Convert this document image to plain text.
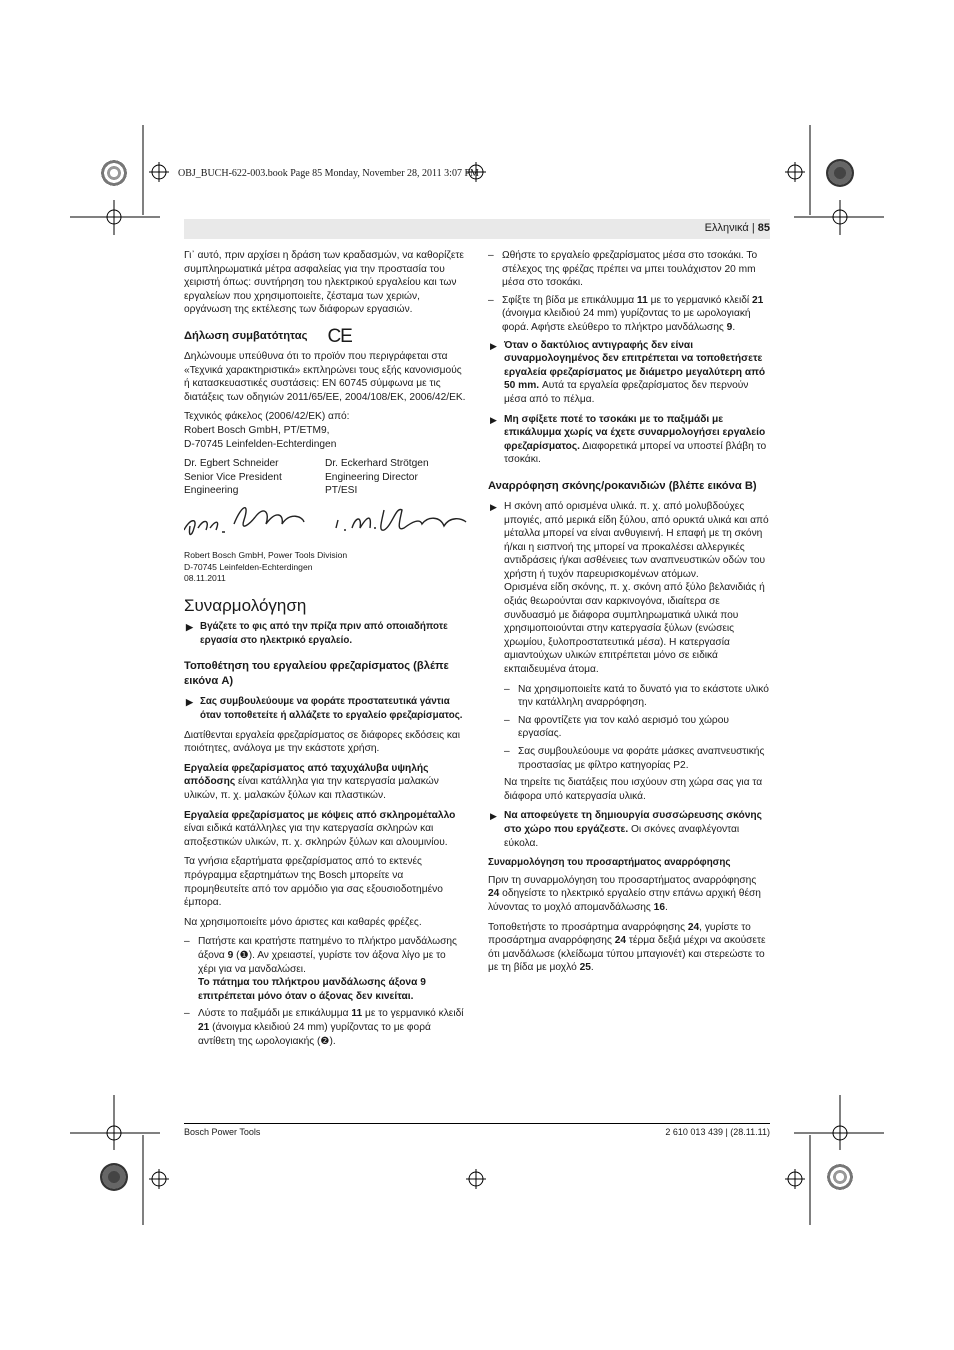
OBJ_BUCH-622-003.book Page 85 Monday, November 28, 2011 3:07 PM
Ελληνικά | 85

Γι᾽ αυτό, πριν αρχίσει η δράση των κραδασμών, να καθορίζετε συμπληρωματικά μέτρα ασφαλείας για την προστασία του χειριστή όπως: συντήρηση του ηλεκτρικού εργαλείου και των εργαλείων που χρησιμοποιείτε, ζέσταμα των χεριών, οργάνωση της εκτέλεσης των διάφορων εργασιών.

Δήλωση συμβατότητας CE

Δηλώνουμε υπεύθυνα ότι το προϊόν που περιγράφεται στα «Τεχνικά χαρακτηριστικά» εκπληρώνει τους εξής κανονισμούς ή κατασκευαστικές συστάσεις: EN 60745 σύμφωνα με τις διατάξεις των οδηγιών 2011/65/EE, 2004/108/ΕΚ, 2006/42/ΕΚ.

Τεχνικός φάκελος (2006/42/ΕΚ) από:
Robert Bosch GmbH, PT/ETM9,
D-70745 Leinfelden-Echterdingen

Dr. Egbert Schneider
Senior Vice President
Engineering
Dr. Eckerhard Strötgen
Engineering Director
PT/ESI

Robert Bosch GmbH, Power Tools Division
D-70745 Leinfelden-Echterdingen
08.11.2011

Συναρμολόγηση
▶ Βγάζετε το φις από την πρίζα πριν από οποιαδήποτε εργασία στο ηλεκτρικό εργαλείο.
Τοποθέτηση του εργαλείου φρεζαρίσματος (βλέπε εικόνα A)
▶ Σας συμβουλεύουμε να φοράτε προστατευτικά γάντια όταν τοποθετείτε ή αλλάζετε το εργαλείο φρεζαρίσματος.

Διατίθενται εργαλεία φρεζαρίσματος σε διάφορες εκδόσεις και ποιότητες, ανάλογα με την εκάστοτε χρήση.

Εργαλεία φρεζαρίσματος από ταχυχάλυβα υψηλής απόδοσης είναι κατάλληλα για την κατεργασία μαλακών υλικών, π. χ. μαλακών ξύλων και πλαστικών.

Εργαλεία φρεζαρίσματος με κόψεις από σκληρομέταλλο είναι ειδικά κατάλληλες για την κατεργασία σκληρών και αποξεστικών υλικών, π. χ. σκληρών ξύλων και αλουμινίου.

Τα γνήσια εξαρτήματα φρεζαρίσματος από το εκτενές πρόγραμμα εξαρτημάτων της Bosch μπορείτε να προμηθευτείτε από τον αρμόδιο για σας εξουσιοδοτημένο έμπορα.

Να χρησιμοποιείτε μόνο άριστες και καθαρές φρέζες.

– Πατήστε και κρατήστε πατημένο το πλήκτρο μανδάλωσης άξονα 9 (❶). Αν χρειαστεί, γυρίστε τον άξονα λίγο με το χέρι για να μανδαλώσει.
Το πάτημα του πλήκτρου μανδάλωσης άξονα 9 επιτρέπεται μόνο όταν ο άξονας δεν κινείται.
– Λύστε το παξιμάδι με επικάλυμμα 11 με το γερμανικό κλειδί 21 (άνοιγμα κλειδιού 24 mm) γυρίζοντας το με φορά αντίθετη της ωρολογιακής (❷).
– Ωθήστε το εργαλείο φρεζαρίσματος μέσα στο τσοκάκι. Το στέλεχος της φρέζας πρέπει να μπει τουλάχιστον 20 mm μέσα στο τσοκάκι.
– Σφίξτε τη βίδα με επικάλυμμα 11 με το γερμανικό κλειδί 21 (άνοιγμα κλειδιού 24 mm) γυρίζοντας το με ωρολογιακή φορά. Αφήστε ελεύθερο το πλήκτρο μανδάλωσης 9.
▶ Όταν ο δακτύλιος αντιγραφής δεν είναι συναρμολογημένος δεν επιτρέπεται να τοποθετήσετε εργαλεία φρεζαρίσματος με διάμετρο μεγαλύτερη από 50 mm. Αυτά τα εργαλεία φρεζαρίσματος δεν περνούν μέσα από το πέλμα.
▶ Μη σφίξετε ποτέ το τσοκάκι με το παξιμάδι με επικάλυμμα χωρίς να έχετε συναρμολογήσει εργαλείο φρεζαρίσματος. Διαφορετικά μπορεί να υποστεί βλάβη το τσοκάκι.
Αναρρόφηση σκόνης/ροκανιδιών (βλέπε εικόνα B)
▶ Η σκόνη από ορισμένα υλικά. π. χ. από μολυβδούχες μπογιές, από μερικά είδη ξύλου, από ορυκτά υλικά και από μέταλλα μπορεί να είναι ανθυγιεινή. Η επαφή με τη σκόνη ή/και η εισπνοή της μπορεί να προκαλέσει αλλεργικές αντιδράσεις ή/και ασθένειες των αναπνευστικών οδών του χρήστη ή τυχόν παρευρισκομένων ατόμων.
Ορισμένα είδη σκόνης, π. χ. σκόνη από ξύλο βελανιδιάς ή οξιάς θεωρούνται σαν καρκινογόνα, ιδιαίτερα σε συνδυασμό με διάφορα συμπληρωματικά υλικά που χρησιμοποιούνται στην κατεργασία ξύλων (ενώσεις χρωμίου, ξυλοπροστατευτικά μέσα). Η κατεργασία αμιαντούχων υλικών επιτρέπεται μόνο σε ειδικά εκπαιδευμένα άτομα.
– Να χρησιμοποιείτε κατά το δυνατό για το εκάστοτε υλικό την κατάλληλη αναρρόφηση.
– Να φροντίζετε για τον καλό αερισμό του χώρου εργασίας.
– Σας συμβουλεύουμε να φοράτε μάσκες αναπνευστικής προστασίας με φίλτρο κατηγορίας P2.

Να τηρείτε τις διατάξεις που ισχύουν στη χώρα σας για τα διάφορα υπό κατεργασία υλικά.

▶ Να αποφεύγετε τη δημιουργία συσσώρευσης σκόνης στο χώρο που εργάζεστε. Οι σκόνες αναφλέγονται εύκολα.
Συναρμολόγηση του προσαρτήματος αναρρόφησης

Πριν τη συναρμολόγηση του προσαρτήματος αναρρόφησης 24 οδηγείστε το ηλεκτρικό εργαλείο στην επάνω αρχική θέση λύνοντας το μοχλό απομανδάλωσης 16.

Τοποθετήστε το προσάρτημα αναρρόφησης 24, γυρίστε το προσάρτημα αναρρόφησης 24 τέρμα δεξιά μέχρι να ακούσετε ότι μανδάλωσε (κλείδωμα τύπου μπαγιονέτ) και στερεώστε το με τη βίδα με μοχλό 25.

Bosch Power Tools	2 610 013 439 | (28.11.11)
